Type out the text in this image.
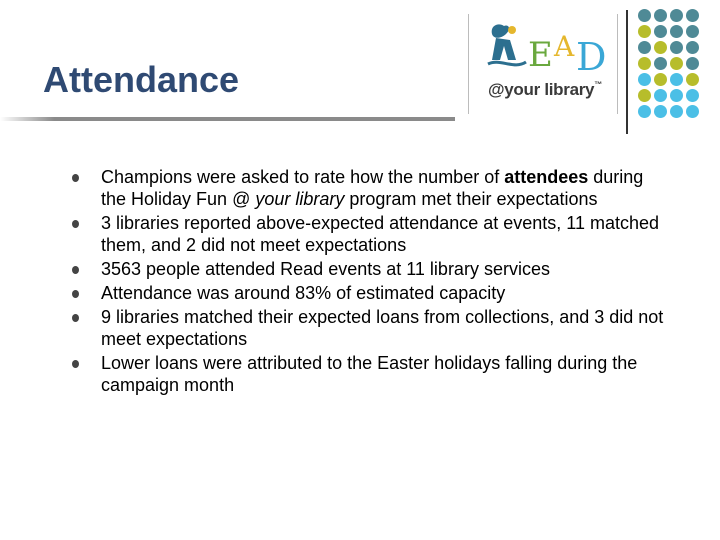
Attendance
E A D
@your library™
Champions were asked to rate how the number of attendees during the Holiday Fun @ your library program met their expectations
3 libraries reported above-expected attendance at events, 11 matched them, and 2 did not meet expectations
3563 people attended Read events at 11 library services
Attendance was around 83% of estimated capacity
9 libraries matched their expected loans from collections, and 3 did not meet expectations
Lower loans were attributed to the Easter holidays falling during the campaign month
